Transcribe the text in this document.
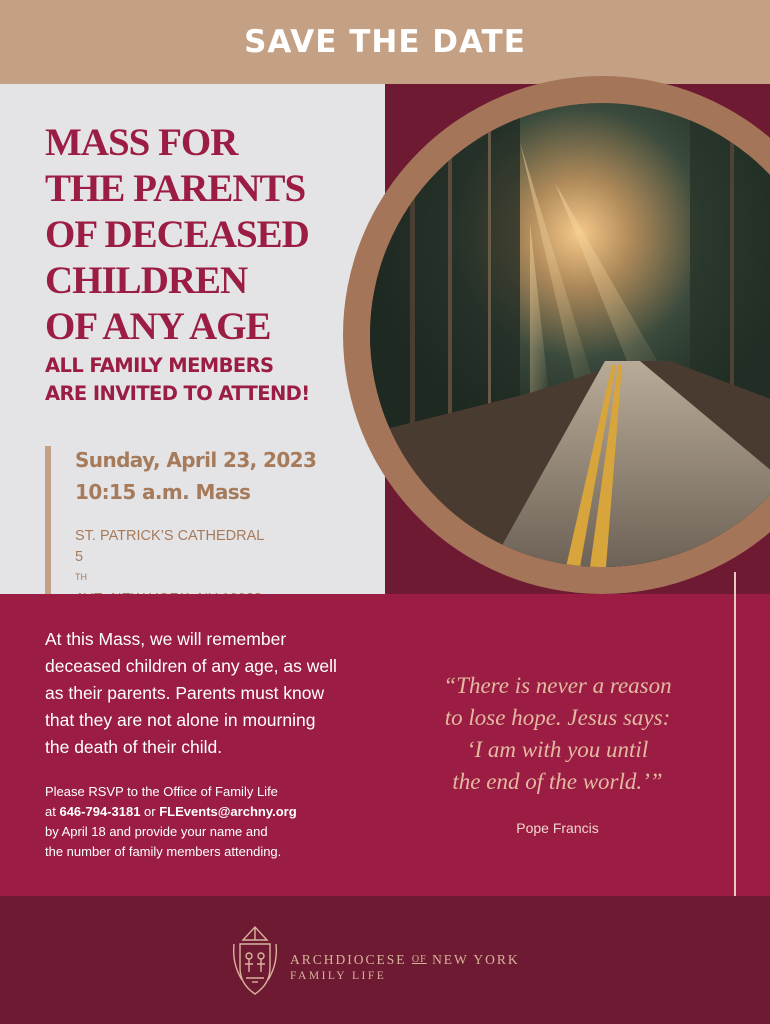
SAVE THE DATE
MASS FOR
THE PARENTS
OF DECEASED
CHILDREN
OF ANY AGE
ALL FAMILY MEMBERS
ARE INVITED TO ATTEND!
Sunday, April 23, 2023
10:15 a.m. Mass
ST. PATRICK’S CATHEDRAL
5
$^{TH}$
At this Mass, we will remember
deceased children of any age, as well
as their parents. Parents must know
that they are not alone in mourning
the death of their child.
Please RSVP to the Office of Family Life
at 646-794-3181 or FLEvents@archny.org
by April 18 and provide your name and
the number of family members attending.
“There is never a reason
to lose hope. Jesus says:
‘I am with you until
the end of the world.’”
Pope Francis
ARCHDIOCESE OF NEW YORK
FAMILY LIFE
